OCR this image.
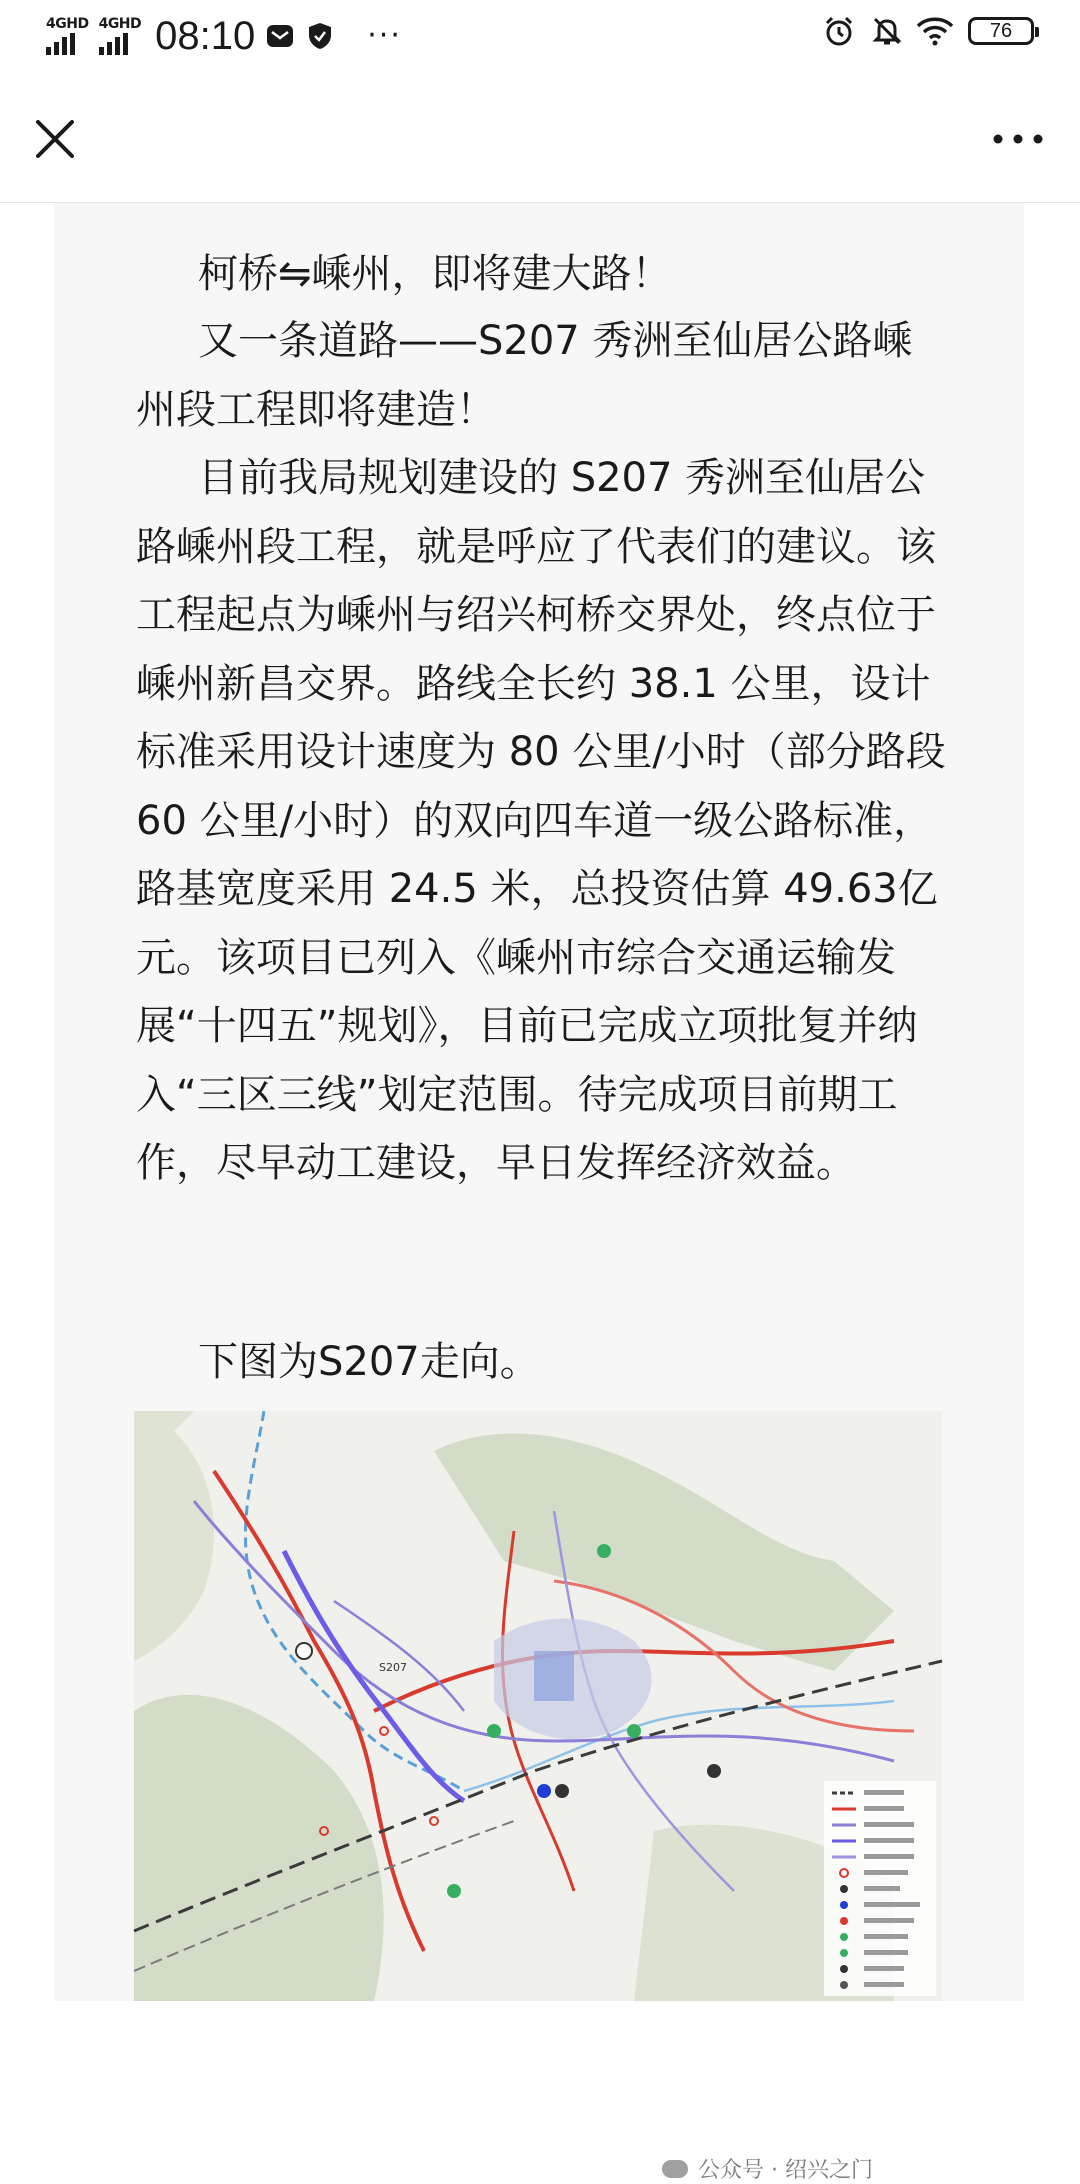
4GHD 4GHD 08:10	···	76

柯桥⇋嵊州，即将建大路！

又一条道路——S207 秀洲至仙居公路嵊州段工程即将建造！

目前我局规划建设的 S207 秀洲至仙居公路嵊州段工程，就是呼应了代表们的建议。该工程起点为嵊州与绍兴柯桥交界处，终点位于嵊州新昌交界。路线全长约 38.1 公里，设计标准采用设计速度为 80 公里/小时（部分路段 60 公里/小时）的双向四车道一级公路标准，路基宽度采用 24.5 米，总投资估算 49.63亿元。该项目已列入《嵊州市综合交通运输发展“十四五”规划》，目前已完成立项批复并纳入“三区三线”划定范围。待完成项目前期工作，尽早动工建设，早日发挥经济效益。

下图为S207走向。

S207
公众号 · 绍兴之门
